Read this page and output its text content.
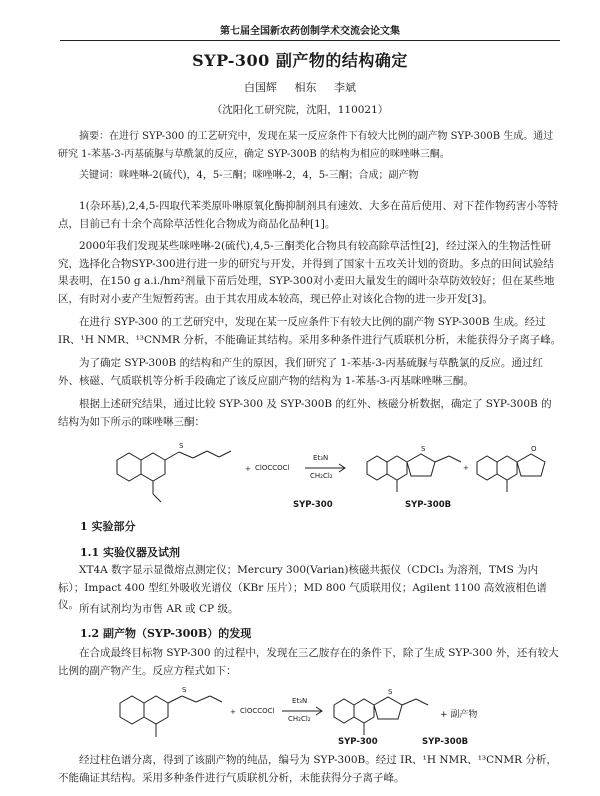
第七届全国新农药创制学术交流会论文集
SYP-300 副产物的结构确定
白国辉 相东 李斌
（沈阳化工研究院，沈阳，110021）
摘要：在进行 SYP-300 的工艺研究中，发现在某一反应条件下有较大比例的副产物 SYP-300B 生成。通过研究 1-苯基-3-丙基硫脲与草酰氯的反应，确定 SYP-300B 的结构为相应的咪唑啉三酮。
关键词：咪唑啉-2(硫代)，4，5-三酮；咪唑啉-2，4，5-三酮；合成；副产物
1(杂环基),2,4,5-四取代苯类原卟啉原氧化酶抑制剂具有速效、大多在苗后使用、对下茬作物药害小等特点，目前已有十余个高除草活性化合物成为商品化品种[1]。
2000年我们发现某些咪唑啉-2(硫代),4,5-三酮类化合物具有较高除草活性[2]，经过深入的生物活性研究，选择化合物SYP-300进行进一步的研究与开发，并得到了国家十五攻关计划的资助。多点的田间试验结果表明，在150 g a.i./hm²剂量下苗后处理，SYP-300对小麦田大量发生的阔叶杂草防效较好；但在某些地区，有时对小麦产生短暂药害。由于其农用成本较高，现已停止对该化合物的进一步开发[3]。
在进行 SYP-300 的工艺研究中，发现在某一反应条件下有较大比例的副产物 SYP-300B 生成。经过 IR、¹H NMR、¹³CNMR 分析，不能确证其结构。采用多种条件进行气质联机分析，未能获得分子离子峰。
为了确定 SYP-300B 的结构和产生的原因，我们研究了 1-苯基-3-丙基硫脲与草酰氯的反应。通过红外、核磁、气质联机等分析手段确定了该反应副产物的结构为 1-苯基-3-丙基咪唑啉三酮。
根据上述研究结果，通过比较 SYP-300 及 SYP-300B 的红外、核磁分析数据，确定了 SYP-300B 的结构为如下所示的咪唑啉三酮：
S	S	O
+
+ ClOCCOCl
Et₃N
CH₂Cl₂
SYP-300	SYP-300B
1 实验部分
1.1 实验仪器及试剂
XT4A 数字显示显微熔点测定仪；Mercury 300(Varian)核磁共振仪（CDCl₃ 为溶剂，TMS 为内标）；Impact 400 型红外吸收光谱仪（KBr 压片）；MD 800 气质联用仪；Agilent 1100 高效液相色谱仪。 所有试剂均为市售 AR 或 CP 级。
1.2 副产物（SYP-300B）的发现
在合成最终目标物 SYP-300 的过程中，发现在三乙胺存在的条件下，除了生成 SYP-300 外，还有较大比例的副产物产生。反应方程式如下：
S	S
+ ClOCCOCl
Et₃N
CH₂Cl₂	+ 副产物
SYP-300	SYP-300B
经过柱色谱分离，得到了该副产物的纯品，编号为 SYP-300B。经过 IR、¹H NMR、¹³CNMR 分析，不能确证其结构。采用多种条件进行气质联机分析，未能获得分子离子峰。
